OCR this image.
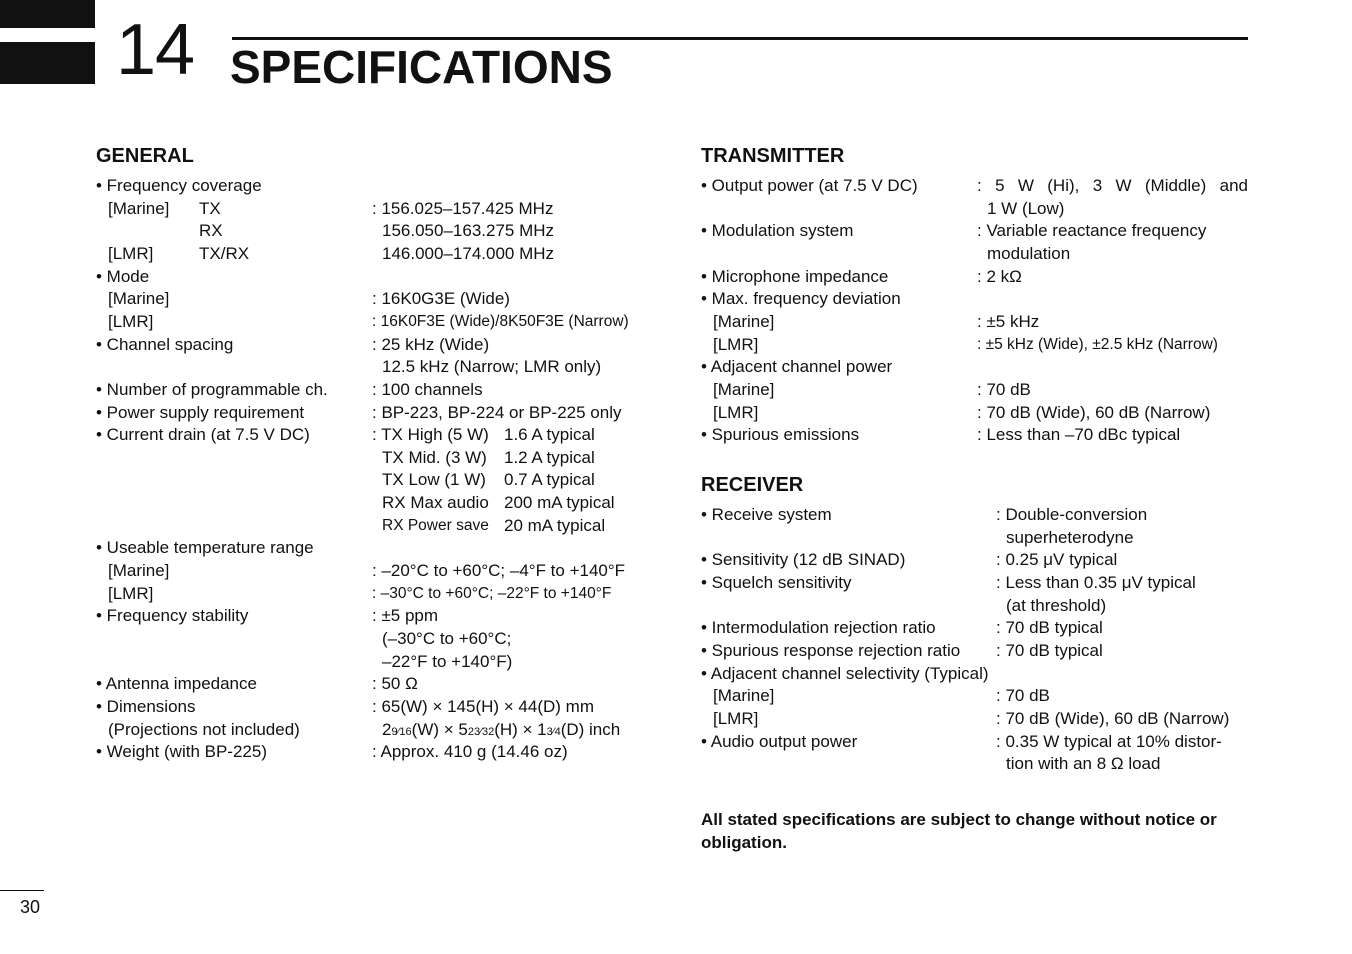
14 SPECIFICATIONS
GENERAL
• Frequency coverage
[Marine] TX	: 156.025–157.425 MHz
RX	156.050–163.275 MHz
[LMR]	TX/RX	146.000–174.000 MHz
• Mode
[Marine]	: 16K0G3E (Wide)
[LMR]	: 16K0F3E (Wide)/8K50F3E (Narrow)
• Channel spacing	: 25 kHz (Wide)
12.5 kHz (Narrow; LMR only)
• Number of programmable ch.	: 100 channels
• Power supply requirement	: BP-223, BP-224 or BP-225 only
• Current drain (at 7.5 V DC)	: TX High (5 W) 1.6 A typical
TX Mid. (3 W) 1.2 A typical
TX Low (1 W) 0.7 A typical
RX Max audio 200 mA typical
RX Power save 20 mA typical
• Useable temperature range
[Marine]	: –20°C to +60°C; –4°F to +140°F
[LMR]	: –30°C to +60°C; –22°F to +140°F
• Frequency stability	: ±5 ppm
(–30°C to +60°C;
–22°F to +140°F)
• Antenna impedance	: 50 Ω
• Dimensions	: 65(W) × 145(H) × 44(D) mm
(Projections not included)	29⁄16(W) × 523⁄32(H) × 13⁄4(D) inch
• Weight (with BP-225)	: Approx. 410 g (14.46 oz)
TRANSMITTER
• Output power (at 7.5 V DC)	: 5 W (Hi), 3 W (Middle) and
1 W (Low)
• Modulation system	: Variable reactance frequency
modulation
• Microphone impedance	: 2 kΩ
• Max. frequency deviation
[Marine]	: ±5 kHz
[LMR]	: ±5 kHz (Wide), ±2.5 kHz (Narrow)
• Adjacent channel power
[Marine]	: 70 dB
[LMR]	: 70 dB (Wide), 60 dB (Narrow)
• Spurious emissions	: Less than –70 dBc typical
RECEIVER
• Receive system	: Double-conversion
superheterodyne
• Sensitivity (12 dB SINAD)	: 0.25 μV typical
• Squelch sensitivity	: Less than 0.35 μV typical
(at threshold)
• Intermodulation rejection ratio	: 70 dB typical
• Spurious response rejection ratio : 70 dB typical
• Adjacent channel selectivity (Typical)
[Marine]	: 70 dB
[LMR]	: 70 dB (Wide), 60 dB (Narrow)
• Audio output power	: 0.35 W typical at 10% distor-
tion with an 8 Ω load
All stated specifications are subject to change without notice or obligation.
30
